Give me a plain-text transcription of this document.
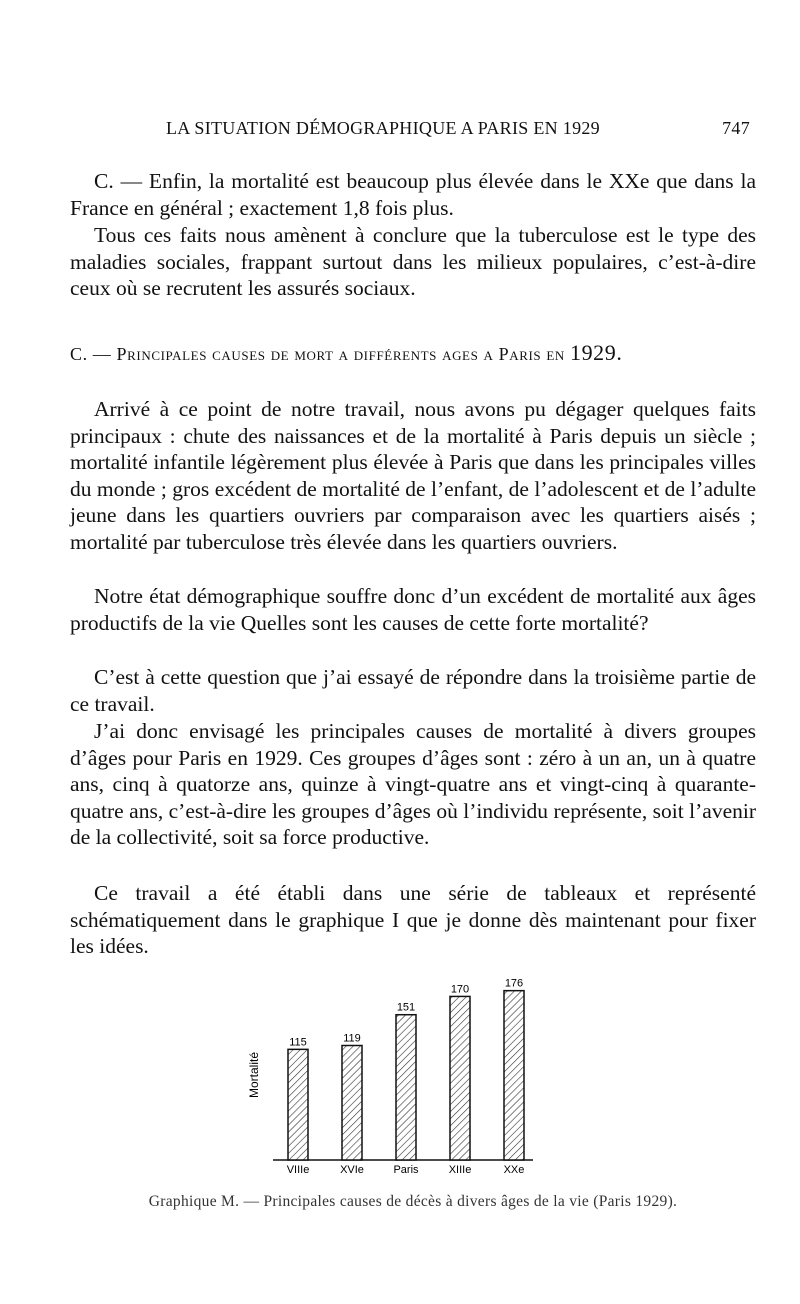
LA SITUATION DÉMOGRAPHIQUE A PARIS EN 1929	747

C. — Enfin, la mortalité est beaucoup plus élevée dans le XXe que dans la France en général ; exactement 1,8 fois plus.

Tous ces faits nous amènent à conclure que la tuberculose est le type des maladies sociales, frappant surtout dans les milieux populaires, c’est-à-dire ceux où se recrutent les assurés sociaux.

C. — Principales causes de mort a différents ages a Paris en 1929.

Arrivé à ce point de notre travail, nous avons pu dégager quelques faits principaux : chute des naissances et de la mortalité à Paris depuis un siècle ; mortalité infantile légèrement plus élevée à Paris que dans les principales villes du monde ; gros excédent de mortalité de l’enfant, de l’adolescent et de l’adulte jeune dans les quartiers ouvriers par comparaison avec les quartiers aisés ; mortalité par tuberculose très élevée dans les quartiers ouvriers.

Notre état démographique souffre donc d’un excédent de mortalité aux âges productifs de la vie Quelles sont les causes de cette forte mortalité?

C’est à cette question que j’ai essayé de répondre dans la troisième partie de ce travail.

J’ai donc envisagé les principales causes de mortalité à divers groupes d’âges pour Paris en 1929. Ces groupes d’âges sont : zéro à un an, un à quatre ans, cinq à quatorze ans, quinze à vingt-quatre ans et vingt-cinq à quarante-quatre ans, c’est-à-dire les groupes d’âges où l’individu représente, soit l’avenir de la collectivité, soit sa force productive.

Ce travail a été établi dans une série de tableaux et représenté schématiquement dans le graphique I que je donne dès maintenant pour fixer les idées.

Mortalité
115
VIIIe
119
XVIe
151
Paris
170
XIIIe
176
XXe
Graphique M. — Principales causes de décès à divers âges de la vie (Paris 1929).
